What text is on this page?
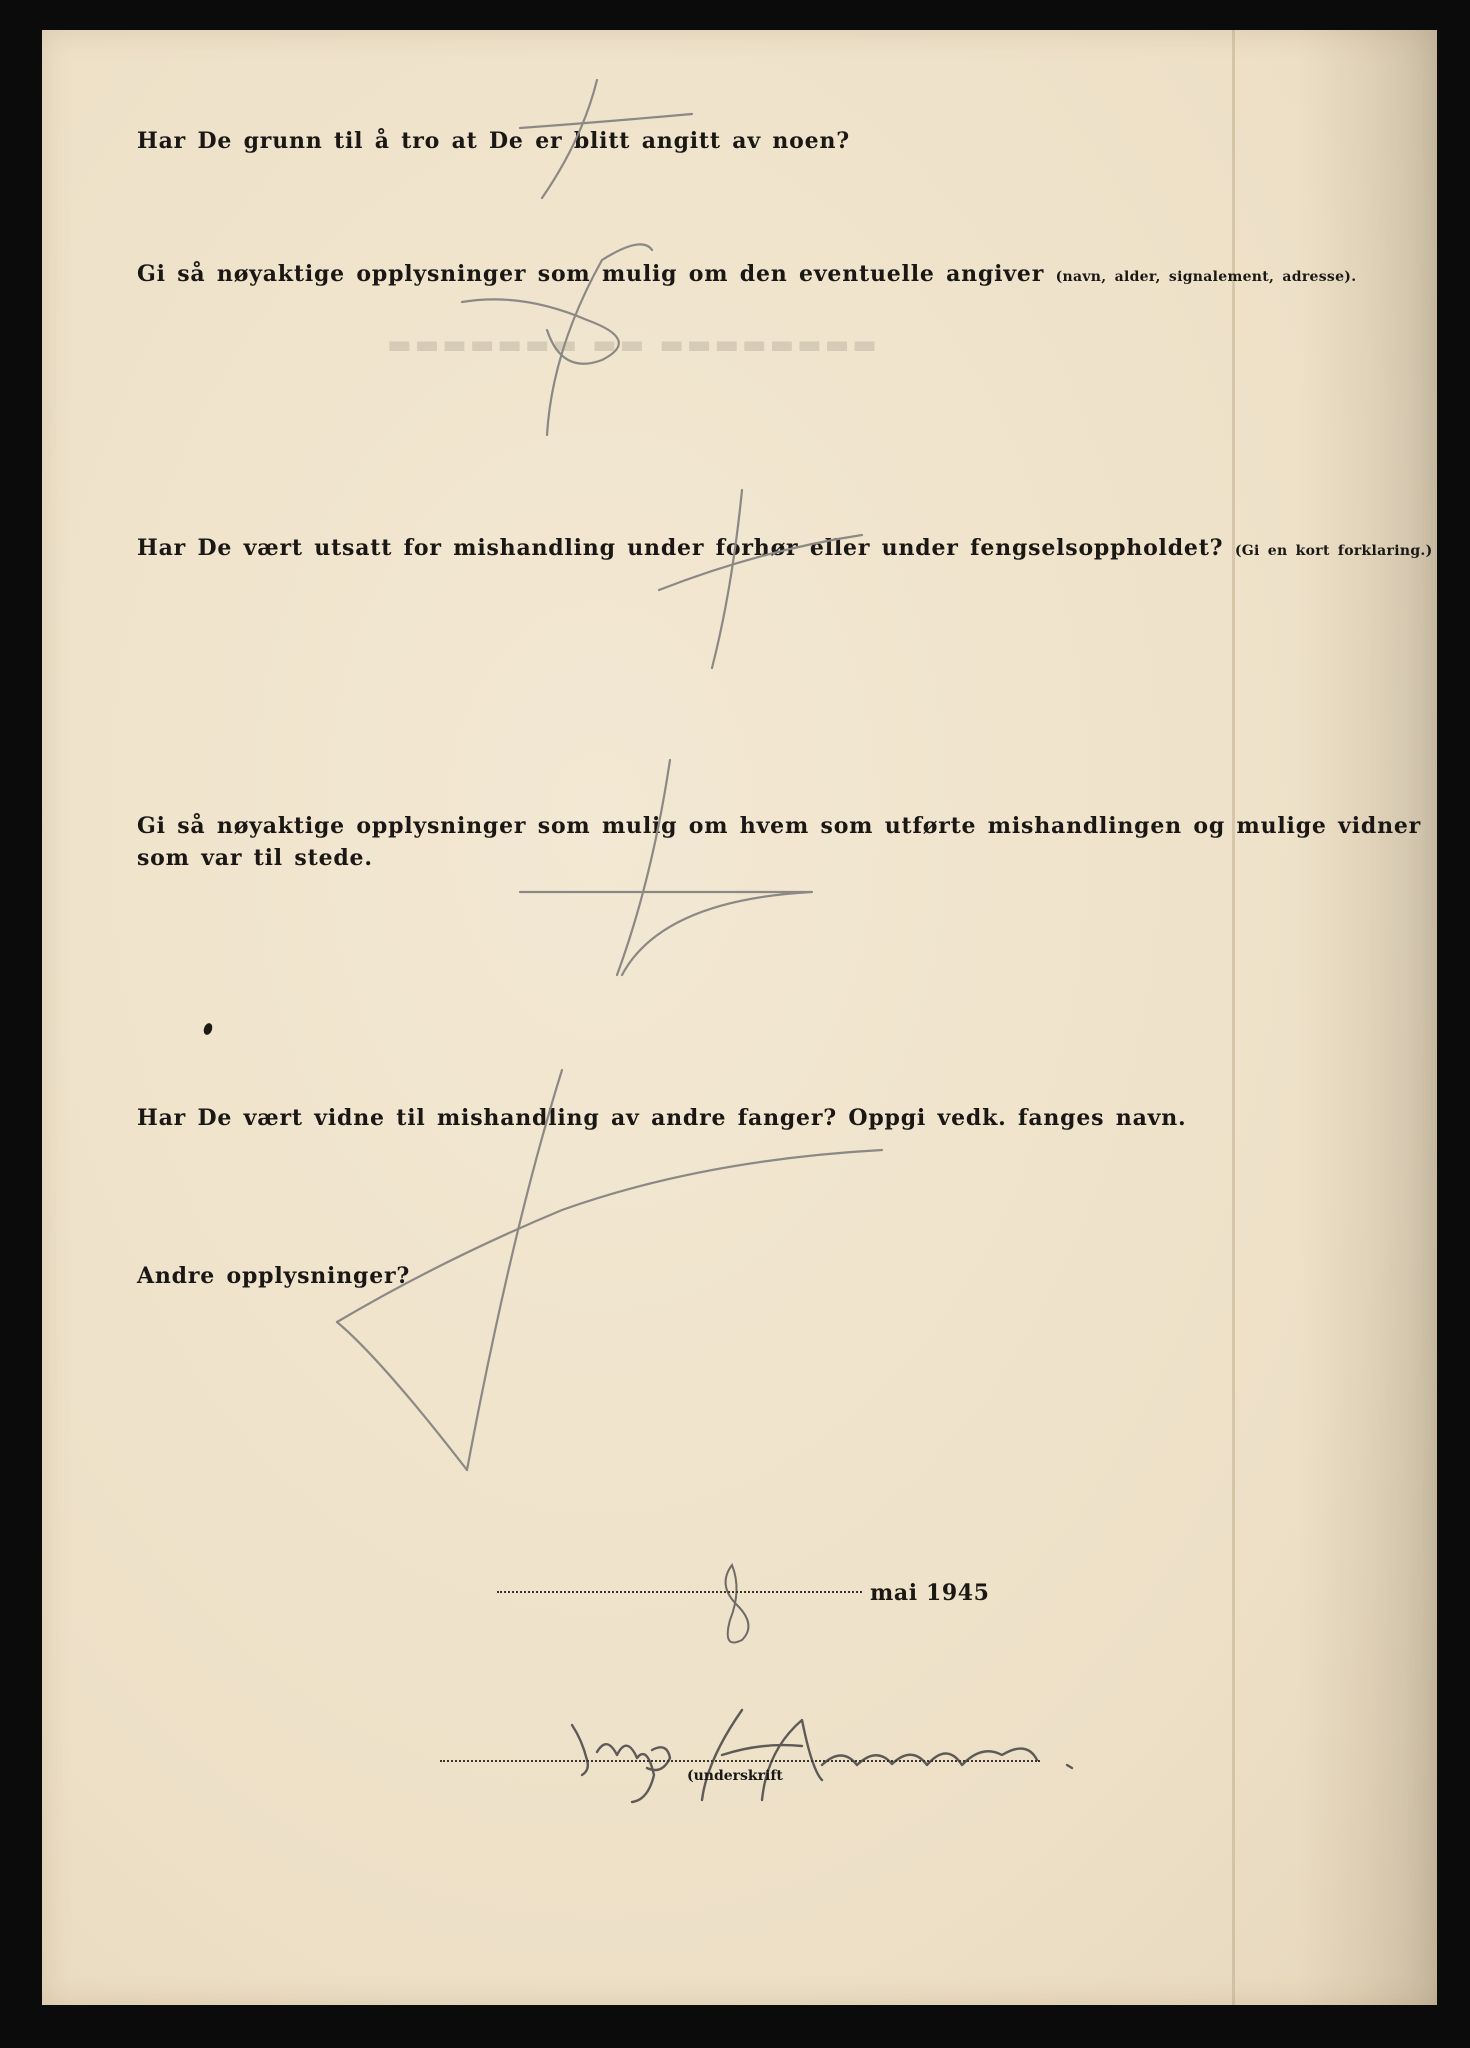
▬▬▬▬▬▬▬ ▬▬ ▬▬▬▬▬▬▬▬
Har De grunn til å tro at De er blitt angitt av noen?
Gi så nøyaktige opplysninger som mulig om den eventuelle angiver (navn, alder, signalement, adresse).
Har De vært utsatt for mishandling under forhør eller under fengselsoppholdet? (Gi en kort forklaring.)
Gi så nøyaktige opplysninger som mulig om hvem som utførte mishandlingen og mulige vidner
som var til stede.
Har De vært vidne til mishandling av andre fanger? Oppgi vedk. fanges navn.
Andre opplysninger?
mai 1945
(underskrift
